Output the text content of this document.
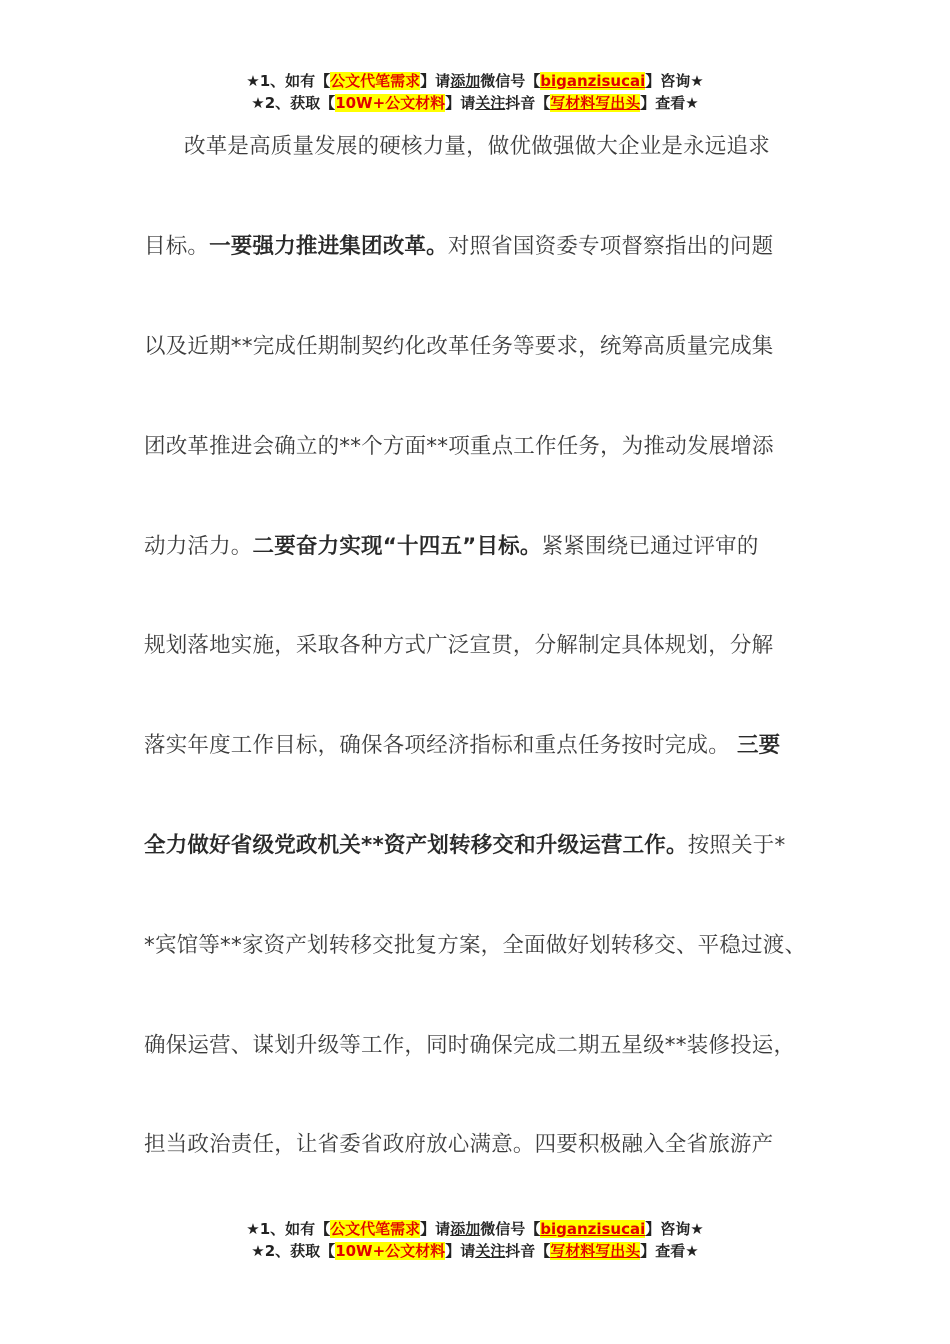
★1、如有【公文代笔需求】请添加微信号【biganzisucai】咨询★
★2、获取【10W+公文材料】请关注抖音【写材料写出头】查看★
改革是高质量发展的硬核力量，做优做强做大企业是永远追求
目标。 一要强力推进集团改革。 对照省国资委专项督察指出的问题
以及近期**完成任期制契约化改革任务等要求，统筹高质量完成集
团改革推进会确立的**个方面**项重点工作任务，为推动发展增添
动力活力。 二要奋力实现“十四五”目标。 紧紧围绕已通过评审的
规划落地实施，采取各种方式广泛宣贯，分解制定具体规划，分解
落实年度工作目标，确保各项经济指标和重点任务按时完成。
三要
全力做好省级党政机关**资产划转移交和升级运营工作。 按照关于*
*宾馆等**家资产划转移交批复方案，全面做好划转移交、平稳过渡、
确保运营、谋划升级等工作，同时确保完成二期五星级**装修投运，
担当政治责任，让省委省政府放心满意。四要积极融入全省旅游产
★1、如有【公文代笔需求】请添加微信号【biganzisucai】咨询★
★2、获取【10W+公文材料】请关注抖音【写材料写出头】查看★
